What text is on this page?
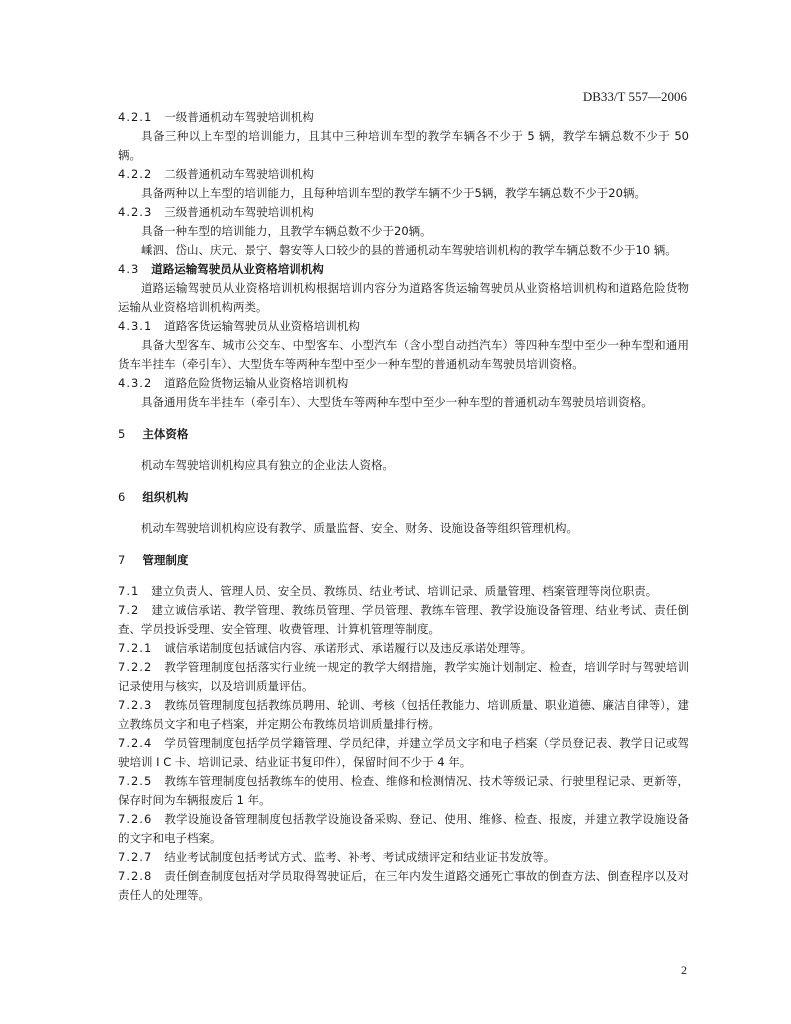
DB33/T 557—2006

4.2.1 一级普通机动车驾驶培训机构

具备三种以上车型的培训能力，且其中三种培训车型的教学车辆各不少于 5 辆，教学车辆总数不少于 50 辆。

4.2.2 二级普通机动车驾驶培训机构

具备两种以上车型的培训能力，且每种培训车型的教学车辆不少于5辆，教学车辆总数不少于20辆。

4.2.3 三级普通机动车驾驶培训机构

具备一种车型的培训能力，且教学车辆总数不少于20辆。

嵊泗、岱山、庆元、景宁、磐安等人口较少的县的普通机动车驾驶培训机构的教学车辆总数不少于10 辆。

4.3 道路运输驾驶员从业资格培训机构

道路运输驾驶员从业资格培训机构根据培训内容分为道路客货运输驾驶员从业资格培训机构和道路危险货物运输从业资格培训机构两类。

4.3.1 道路客货运输驾驶员从业资格培训机构

具备大型客车、城市公交车、中型客车、小型汽车（含小型自动挡汽车）等四种车型中至少一种车型和通用货车半挂车（牵引车）、大型货车等两种车型中至少一种车型的普通机动车驾驶员培训资格。

4.3.2 道路危险货物运输从业资格培训机构

具备通用货车半挂车（牵引车）、大型货车等两种车型中至少一种车型的普通机动车驾驶员培训资格。

5 主体资格

机动车驾驶培训机构应具有独立的企业法人资格。

6 组织机构

机动车驾驶培训机构应设有教学、质量监督、安全、财务、设施设备等组织管理机构。

7 管理制度

7.1 建立负责人、管理人员、安全员、教练员、结业考试、培训记录、质量管理、档案管理等岗位职责。

7.2 建立诚信承诺、教学管理、教练员管理、学员管理、教练车管理、教学设施设备管理、结业考试、责任倒查、学员投诉受理、安全管理、收费管理、计算机管理等制度。

7.2.1 诚信承诺制度包括诚信内容、承诺形式、承诺履行以及违反承诺处理等。

7.2.2 教学管理制度包括落实行业统一规定的教学大纲措施，教学实施计划制定、检查，培训学时与驾驶培训记录使用与核实，以及培训质量评估。

7.2.3 教练员管理制度包括教练员聘用、轮训、考核（包括任教能力、培训质量、职业道德、廉洁自律等），建立教练员文字和电子档案，并定期公布教练员培训质量排行榜。

7.2.4 学员管理制度包括学员学籍管理、学员纪律，并建立学员文字和电子档案（学员登记表、教学日记或驾驶培训 I C 卡、培训记录、结业证书复印件），保留时间不少于 4 年。

7.2.5 教练车管理制度包括教练车的使用、检查、维修和检测情况、技术等级记录、行驶里程记录、更新等，保存时间为车辆报废后 1 年。

7.2.6 教学设施设备管理制度包括教学设施设备采购、登记、使用、维修、检查、报废，并建立教学设施设备的文字和电子档案。

7.2.7 结业考试制度包括考试方式、监考、补考、考试成绩评定和结业证书发放等。

7.2.8 责任倒查制度包括对学员取得驾驶证后，在三年内发生道路交通死亡事故的倒查方法、倒查程序以及对责任人的处理等。

2
